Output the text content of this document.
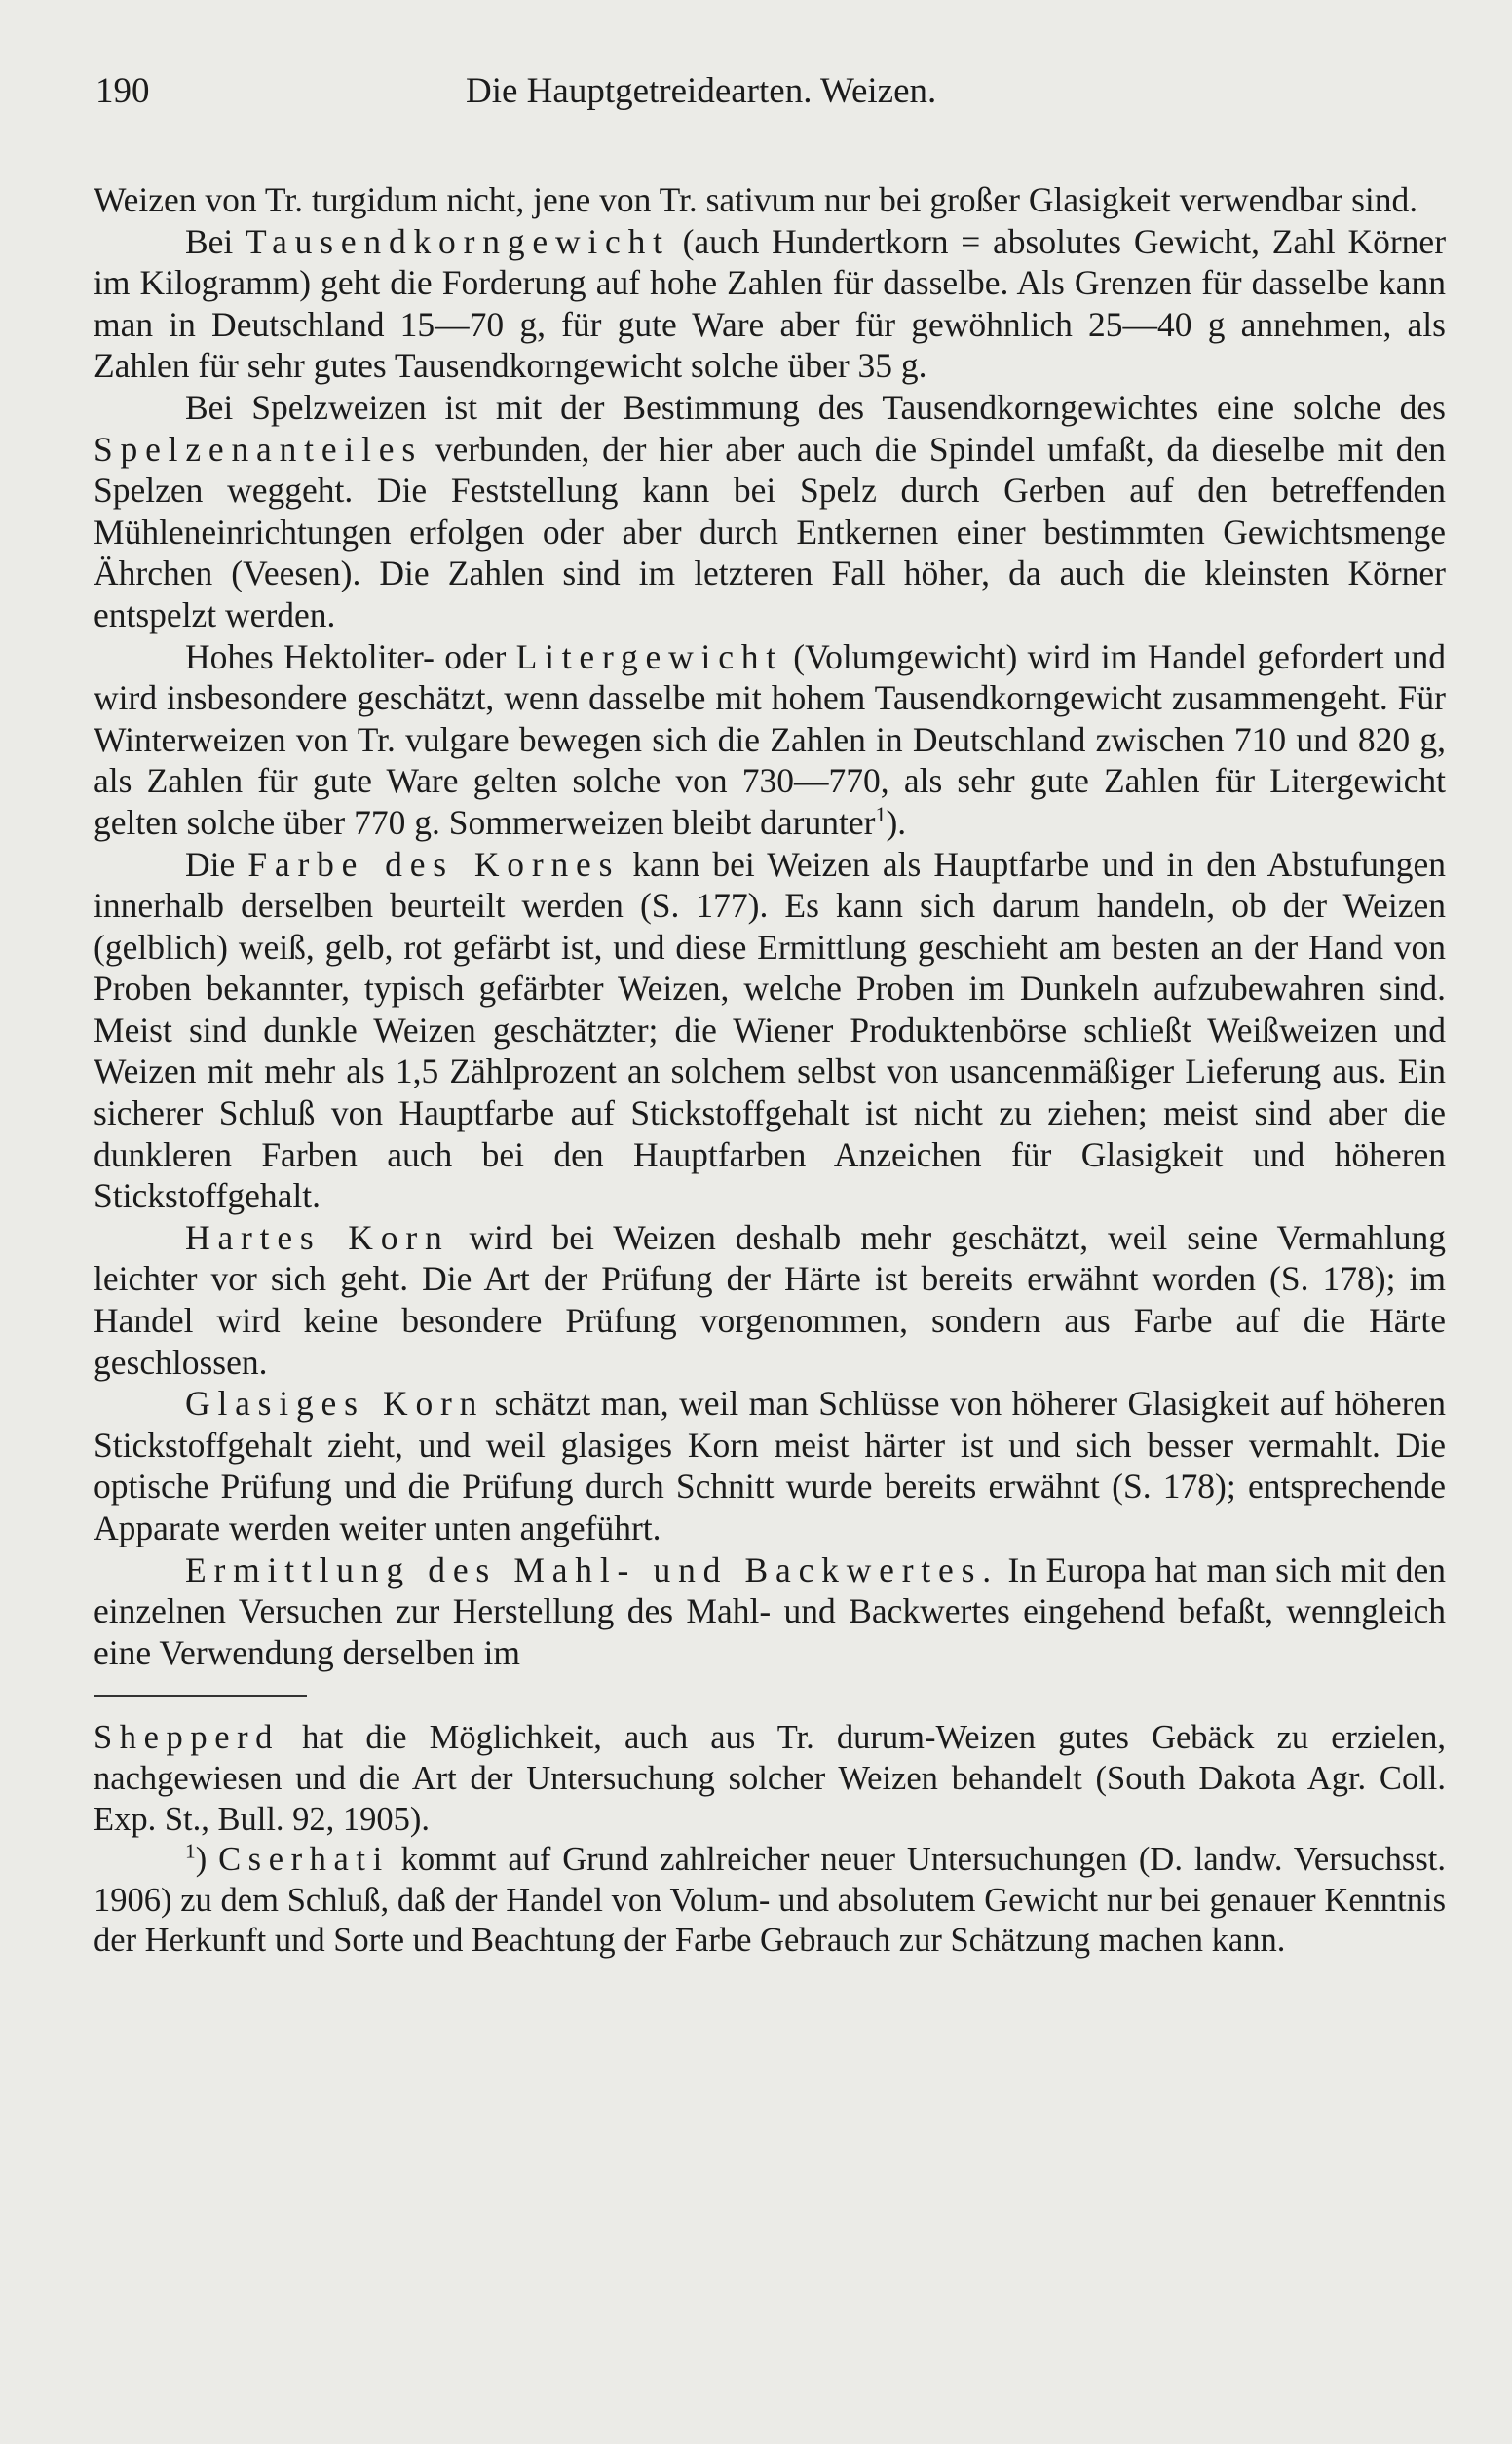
190	Die Hauptgetreidearten. Weizen.

Weizen von Tr. turgidum nicht, jene von Tr. sativum nur bei großer Glasigkeit verwendbar sind.

Bei Tausendkorngewicht (auch Hundertkorn = absolutes Gewicht, Zahl Körner im Kilogramm) geht die Forderung auf hohe Zahlen für dasselbe. Als Grenzen für dasselbe kann man in Deutschland 15—70 g, für gute Ware aber für gewöhnlich 25—40 g annehmen, als Zahlen für sehr gutes Tausendkorngewicht solche über 35 g.

Bei Spelzweizen ist mit der Bestimmung des Tausendkorngewichtes eine solche des Spelzenanteiles verbunden, der hier aber auch die Spindel umfaßt, da dieselbe mit den Spelzen weggeht. Die Feststellung kann bei Spelz durch Gerben auf den betreffenden Mühleneinrichtungen erfolgen oder aber durch Entkernen einer bestimmten Gewichtsmenge Ährchen (Veesen). Die Zahlen sind im letzteren Fall höher, da auch die kleinsten Körner entspelzt werden.

Hohes Hektoliter- oder Litergewicht (Volumgewicht) wird im Handel gefordert und wird insbesondere geschätzt, wenn dasselbe mit hohem Tausendkorngewicht zusammengeht. Für Winterweizen von Tr. vulgare bewegen sich die Zahlen in Deutschland zwischen 710 und 820 g, als Zahlen für gute Ware gelten solche von 730—770, als sehr gute Zahlen für Litergewicht gelten solche über 770 g. Sommerweizen bleibt darunter$^1$).

Die Farbe des Kornes kann bei Weizen als Hauptfarbe und in den Abstufungen innerhalb derselben beurteilt werden (S. 177). Es kann sich darum handeln, ob der Weizen (gelblich) weiß, gelb, rot gefärbt ist, und diese Ermittlung geschieht am besten an der Hand von Proben bekannter, typisch gefärbter Weizen, welche Proben im Dunkeln aufzubewahren sind. Meist sind dunkle Weizen geschätzter; die Wiener Produktenbörse schließt Weißweizen und Weizen mit mehr als 1,5 Zählprozent an solchem selbst von usancenmäßiger Lieferung aus. Ein sicherer Schluß von Hauptfarbe auf Stickstoffgehalt ist nicht zu ziehen; meist sind aber die dunkleren Farben auch bei den Hauptfarben Anzeichen für Glasigkeit und höheren Stickstoffgehalt.

Hartes Korn wird bei Weizen deshalb mehr geschätzt, weil seine Vermahlung leichter vor sich geht. Die Art der Prüfung der Härte ist bereits erwähnt worden (S. 178); im Handel wird keine besondere Prüfung vorgenommen, sondern aus Farbe auf die Härte geschlossen.

Glasiges Korn schätzt man, weil man Schlüsse von höherer Glasigkeit auf höheren Stickstoffgehalt zieht, und weil glasiges Korn meist härter ist und sich besser vermahlt. Die optische Prüfung und die Prüfung durch Schnitt wurde bereits erwähnt (S. 178); entsprechende Apparate werden weiter unten angeführt.

Ermittlung des Mahl- und Backwertes. In Europa hat man sich mit den einzelnen Versuchen zur Herstellung des Mahl- und Backwertes eingehend befaßt, wenngleich eine Verwendung derselben im

Shepperd hat die Möglichkeit, auch aus Tr. durum-Weizen gutes Gebäck zu erzielen, nachgewiesen und die Art der Untersuchung solcher Weizen behandelt (South Dakota Agr. Coll. Exp. St., Bull. 92, 1905).

$^1$) Cserhati kommt auf Grund zahlreicher neuer Untersuchungen (D. landw. Versuchsst. 1906) zu dem Schluß, daß der Handel von Volum- und absolutem Gewicht nur bei genauer Kenntnis der Herkunft und Sorte und Beachtung der Farbe Gebrauch zur Schätzung machen kann.
